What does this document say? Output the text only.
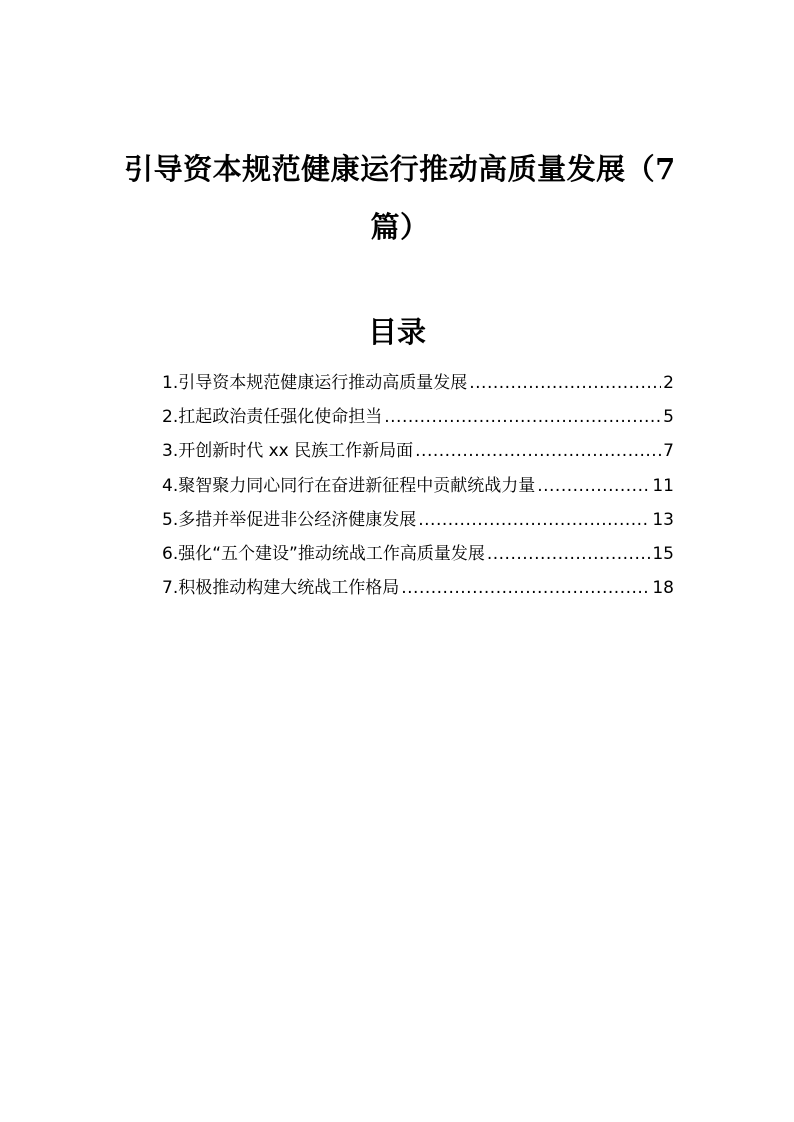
引导资本规范健康运行推动高质量发展（7篇）
目录
1.引导资本规范健康运行推动高质量发展 .....	2
2.扛起政治责任强化使命担当 .....	5
3.开创新时代 xx 民族工作新局面 .....	7
4.聚智聚力同心同行在奋进新征程中贡献统战力量 .....	11
5.多措并举促进非公经济健康发展 .....	13
6.强化“五个建设”推动统战工作高质量发展 .....	15
7.积极推动构建大统战工作格局 .....	18
